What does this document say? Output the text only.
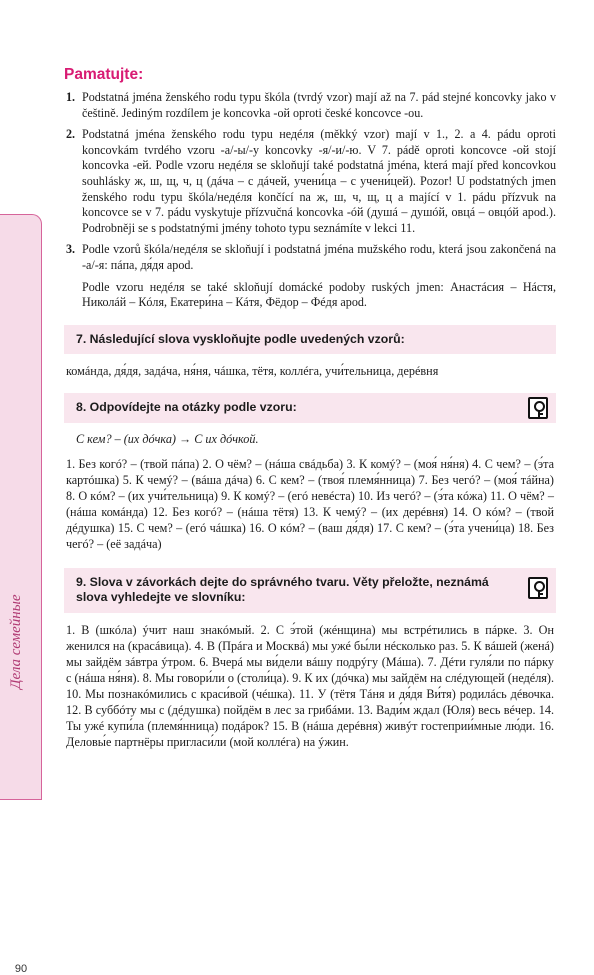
Дела семейные
90
Pamatujte:
1. Podstatná jména ženského rodu typu škóla (tvrdý vzor) mají až na 7. pád stejné koncovky jako v češtině. Jediným rozdílem je koncovka -ой oproti české koncovce -ou.
2. Podstatná jména ženského rodu typu недéля (měkký vzor) mají v 1., 2. a 4. pádu oproti koncovkám tvrdého vzoru -а/-ы/-у koncovky -я/-и/-ю. V 7. pádě oproti koncovce -ой stojí koncovka -ей. Podle vzoru недéля se skloňují také podstatná jména, která mají před koncovkou souhlásky ж, ш, щ, ч, ц (дáча – с дáчей, учени́ца – с учени́цей). Pozor! U podstatných jmen ženského rodu typu škóla/недéля končící na ж, ш, ч, щ, ц a mající v 1. pádu přízvuk na koncovce se v 7. pádu vyskytuje přízvučná koncovka -óй (душá – душóй, овцá – овцóй apod.). Podrobněji se s podstatnými jmény tohoto typu seznámíte v lekci 11.
3. Podle vzorů škóla/недéля se skloňují i podstatná jména mužského rodu, která jsou zakončená na -а/-я: пáпа, дя́дя apod.
Podle vzoru недéля se také skloňují domácké podoby ruských jmen: Анастáсия – Нáстя, Николáй – Кóля, Екатери́на – Кáтя, Фёдор – Фéдя apod.
7. Následující slova vyskloňujte podle uvedených vzorů:
комáнда, дя́дя, задáча, ня́ня, чáшка, тётя, коллéга, учи́тельница, дерéвня
8. Odpovídejte na otázky podle vzoru:
С кем? – (их дóчка) → С их дóчкой.
1. Без когó? – (твой пáпа) 2. О чём? – (нáша свáдьба) 3. К комý? – (моя́ ня́ня) 4. С чем? – (э́та картóшка) 5. К чемý? – (вáша дáча) 6. С кем? – (твоя́ племя́нница) 7. Без чегó? – (моя́ тáйна) 8. О кóм? – (их учи́тельница) 9. К комý? – (егó невéста) 10. Из чегó? – (э́та кóжа) 11. О чём? – (нáша комáнда) 12. Без когó? – (нáша тётя) 13. К чемý? – (их дерéвня) 14. О кóм? – (твой дéдушка) 15. С чем? – (егó чáшка) 16. О кóм? – (ваш дя́дя) 17. С кем? – (э́та учени́ца) 18. Без чегó? – (её задáча)
9. Slova v závorkách dejte do správného tvaru. Věty přeložte, neznámá slova vyhledejte ve slovníku:
1. В (шкóла) ýчит наш знакóмый. 2. С э́той (жéнщина) мы встрéтились в пáрке. 3. Он женился на (красáвица). 4. В (Прáга и Москвá) мы ужé бы́ли нéсколько раз. 5. К вáшей (женá) мы зайдём зáвтра ýтром. 6. Вчерá мы ви́дели вáшу подрýгу (Мáша). 7. Дéти гуля́ли по пáрку с (нáша ня́ня). 8. Мы говори́ли о (столи́ца). 9. К их (дóчка) мы зайдём на слéдующей (недéля). 10. Мы познакóмились с краси́вой (чéшка). 11. У (тётя Тáня и дя́дя Ви́тя) родилáсь дéвочка. 12. В суббóту мы с (дéдушка) пойдём в лес за грибáми. 13. Вади́м ждал (Юля) весь вéчер. 14. Ты ужé купи́ла (племя́нница) подáрок? 15. В (нáша дерéвня) живýт гостеприи́мные лю́ди. 16. Деловы́е партнёры пригласи́ли (мой коллéга) на ýжин.
